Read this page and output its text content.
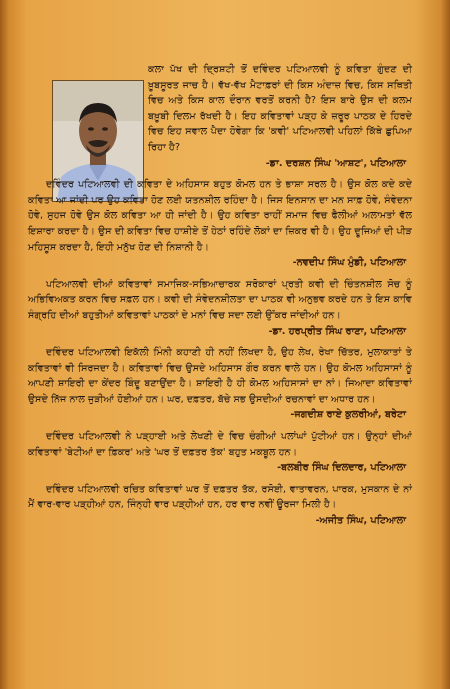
ਕਲਾ ਪੱਖ ਦੀ ਦ੍ਰਿਸ਼ਟੀ ਤੋਂ ਦਵਿੰਦਰ ਪਟਿਆਲਵੀ ਨੂੰ ਕਵਿਤਾ ਗੁੰਦਣ ਦੀ ਖ਼ੂਬਸੂਰਤ ਜਾਚ ਹੈ। ਵੱਖ-ਵੱਖ ਮੈਟਾਫ਼ਰਾਂ ਦੀ ਕਿਸ ਅੰਦਾਜ਼ ਵਿਚ, ਕਿਸ ਸਥਿਤੀ ਵਿਚ ਅਤੇ ਕਿਸ ਕਾਲ ਦੌਰਾਨ ਵਰਤੋਂ ਕਰਨੀ ਹੈ? ਇਸ ਬਾਰੇ ਉਸ ਦੀ ਕਲਮ ਬਖ਼ੂਬੀ ਦਿਲਮ ਰੱਖਦੀ ਹੈ। ਇਹ ਕਵਿਤਾਵਾਂ ਪੜ੍ਹ ਕੇ ਜ਼ਰੂਰ ਪਾਠਕ ਦੇ ਹਿਰਦੇ ਵਿਚ ਇਹ ਸਵਾਲ ਪੈਦਾ ਹੋਵੇਗਾ ਕਿ 'ਕਵੀ' ਪਟਿਆਲਵੀ ਪਹਿਲਾਂ ਕਿੱਥੇ ਛੁਪਿਆ ਰਿਹਾ ਹੈ?
-ਡਾ. ਦਰਸ਼ਨ ਸਿੰਘ 'ਆਸ਼ਟ', ਪਟਿਆਲਾ

ਦਵਿੰਦਰ ਪਟਿਆਲਵੀ ਦੀ ਕਵਿਤਾ ਦੇ ਅਹਿਸਾਸ ਬਹੁਤ ਕੋਮਲ ਹਨ ਤੇ ਭਾਸ਼ਾ ਸਰਲ ਹੈ। ਉਸ ਕੋਲ ਕਦੇ ਕਦੇ ਕਵਿਤਾ ਆ ਜਾਂਦੀ ਪਰ ਉਹ ਕਵਿਤਾ ਹੋਣ ਲਈ ਯਤਨਸ਼ੀਲ ਰਹਿੰਦਾ ਹੈ। ਜਿਸ ਇਨਸਾਨ ਦਾ ਮਨ ਸਾਫ਼ ਹੋਵੇ, ਸੰਵੇਦਨਾ ਹੋਵੇ, ਸੁਹਜ ਹੋਵੇ ਉਸ ਕੋਲ ਕਵਿਤਾ ਆ ਹੀ ਜਾਂਦੀ ਹੈ। ਉਹ ਕਵਿਤਾ ਰਾਹੀਂ ਸਮਾਜ ਵਿਚ ਫੈਲੀਆਂ ਅਲਾਮਤਾਂ ਵੱਲ ਇਸ਼ਾਰਾ ਕਰਦਾ ਹੈ। ਉਸ ਦੀ ਕਵਿਤਾ ਵਿਚ ਹਾਸ਼ੀਏ ਤੋਂ ਹੇਠਾਂ ਰਹਿੰਦੇ ਲੋਕਾਂ ਦਾ ਜ਼ਿਕਰ ਵੀ ਹੈ। ਉਹ ਦੂਜਿਆਂ ਦੀ ਪੀੜ ਮਹਿਸੂਸ ਕਰਦਾ ਹੈ, ਇਹੀ ਮਨੁੱਖ ਹੋਣ ਦੀ ਨਿਸ਼ਾਨੀ ਹੈ।

-ਨਵਦੀਪ ਸਿੰਘ ਮੁੰਡੀ, ਪਟਿਆਲਾ

ਪਟਿਆਲਵੀ ਦੀਆਂ ਕਵਿਤਾਵਾਂ ਸਮਾਜਿਕ-ਸਭਿਆਚਾਰਕ ਸਰੋਕਾਰਾਂ ਪ੍ਰਤੀ ਕਵੀ ਦੀ ਚਿੰਤਨਸ਼ੀਲ ਸੋਚ ਨੂੰ ਅਭਿਵਿਅਕਤ ਕਰਨ ਵਿਚ ਸਫ਼ਲ ਹਨ। ਕਵੀ ਦੀ ਸੰਵੇਦਨਸ਼ੀਲਤਾ ਦਾ ਪਾਠਕ ਵੀ ਅਨੁਭਵ ਕਰਦੇ ਹਨ ਤੇ ਇਸ ਕਾਵਿ ਸੰਗ੍ਰਹਿ ਦੀਆਂ ਬਹੁਤੀਆਂ ਕਵਿਤਾਵਾਂ ਪਾਠਕਾਂ ਦੇ ਮਨਾਂ ਵਿਚ ਸਦਾ ਲਈ ਉੱਕਰ ਜਾਂਦੀਆਂ ਹਨ।

-ਡਾ. ਹਰਪ੍ਰੀਤ ਸਿੰਘ ਰਾਣਾ, ਪਟਿਆਲਾ

ਦਵਿੰਦਰ ਪਟਿਆਲਵੀ ਇਕੱਲੀ ਮਿੰਨੀ ਕਹਾਣੀ ਹੀ ਨਹੀਂ ਲਿਖਦਾ ਹੈ, ਉਹ ਲੇਖ, ਰੇਖਾ ਚਿੱਤਰ, ਮੁਲਾਕਾਤਾਂ ਤੇ ਕਵਿਤਾਵਾਂ ਵੀ ਸਿਰਜਦਾ ਹੈ। ਕਵਿਤਾਵਾਂ ਵਿਚ ਉਸਦੇ ਅਹਿਸਾਸ ਗੌਰ ਕਰਨ ਵਾਲੇ ਹਨ। ਉਹ ਕੋਮਲ ਅਹਿਸਾਸਾਂ ਨੂੰ ਆਪਣੀ ਸ਼ਾਇਰੀ ਦਾ ਕੇਂਦਰ ਬਿੰਦੂ ਬਣਾਉਂਦਾ ਹੈ। ਸ਼ਾਇਰੀ ਹੈ ਹੀ ਕੋਮਲ ਅਹਿਸਾਸਾਂ ਦਾ ਨਾਂ। ਜਿਆਦਾ ਕਵਿਤਾਵਾਂ ਉਸਦੇ ਨਿੱਜ ਨਾਲ ਜੁੜੀਆਂ ਹੋਈਆਂ ਹਨ। ਘਰ, ਦਫ਼ਤਰ, ਬੱਚੇ ਸਭ ਉਸਦੀਆਂ ਰਚਨਾਵਾਂ ਦਾ ਅਧਾਰ ਹਨ।

-ਜਗਦੀਸ਼ ਰਾਏ ਕੁਲਰੀਆਂ, ਬਰੇਟਾ

ਦਵਿੰਦਰ ਪਟਿਆਲਵੀ ਨੇ ਪੜ੍ਹਾਈ ਅਤੇ ਲੇਖਣੀ ਦੇ ਵਿਚ ਚੰਗੀਆਂ ਪਲਾਂਘਾਂ ਪੁੱਟੀਆਂ ਹਨ। ਉਨ੍ਹਾਂ ਦੀਆਂ ਕਵਿਤਾਵਾਂ 'ਬੇਟੀਆਂ ਦਾ ਫ਼ਿਕਰ' ਅਤੇ 'ਘਰ ਤੋਂ ਦਫ਼ਤਰ ਤੱਕ' ਬਹੁਤ ਮਕਬੂਲ ਹਨ।

-ਬਲਬੀਰ ਸਿੰਘ ਦਿਲਦਾਰ, ਪਟਿਆਲਾ

ਦਵਿੰਦਰ ਪਟਿਆਲਵੀ ਰਚਿਤ ਕਵਿਤਾਵਾਂ ਘਰ ਤੋਂ ਦਫ਼ਤਰ ਤੱਕ, ਰਸੋਈ, ਵਾਤਾਵਰਨ, ਪਾਰਕ, ਮੁਸਕਾਨ ਦੇ ਨਾਂ ਮੈਂ ਵਾਰ-ਵਾਰ ਪੜ੍ਹੀਆਂ ਹਨ, ਜਿੰਨ੍ਹੀ ਵਾਰ ਪੜ੍ਹੀਆਂ ਹਨ, ਹਰ ਵਾਰ ਨਵੀਂ ਊਰਜਾ ਮਿਲੀ ਹੈ।

-ਅਜੀਤ ਸਿੰਘ, ਪਟਿਆਲਾ
